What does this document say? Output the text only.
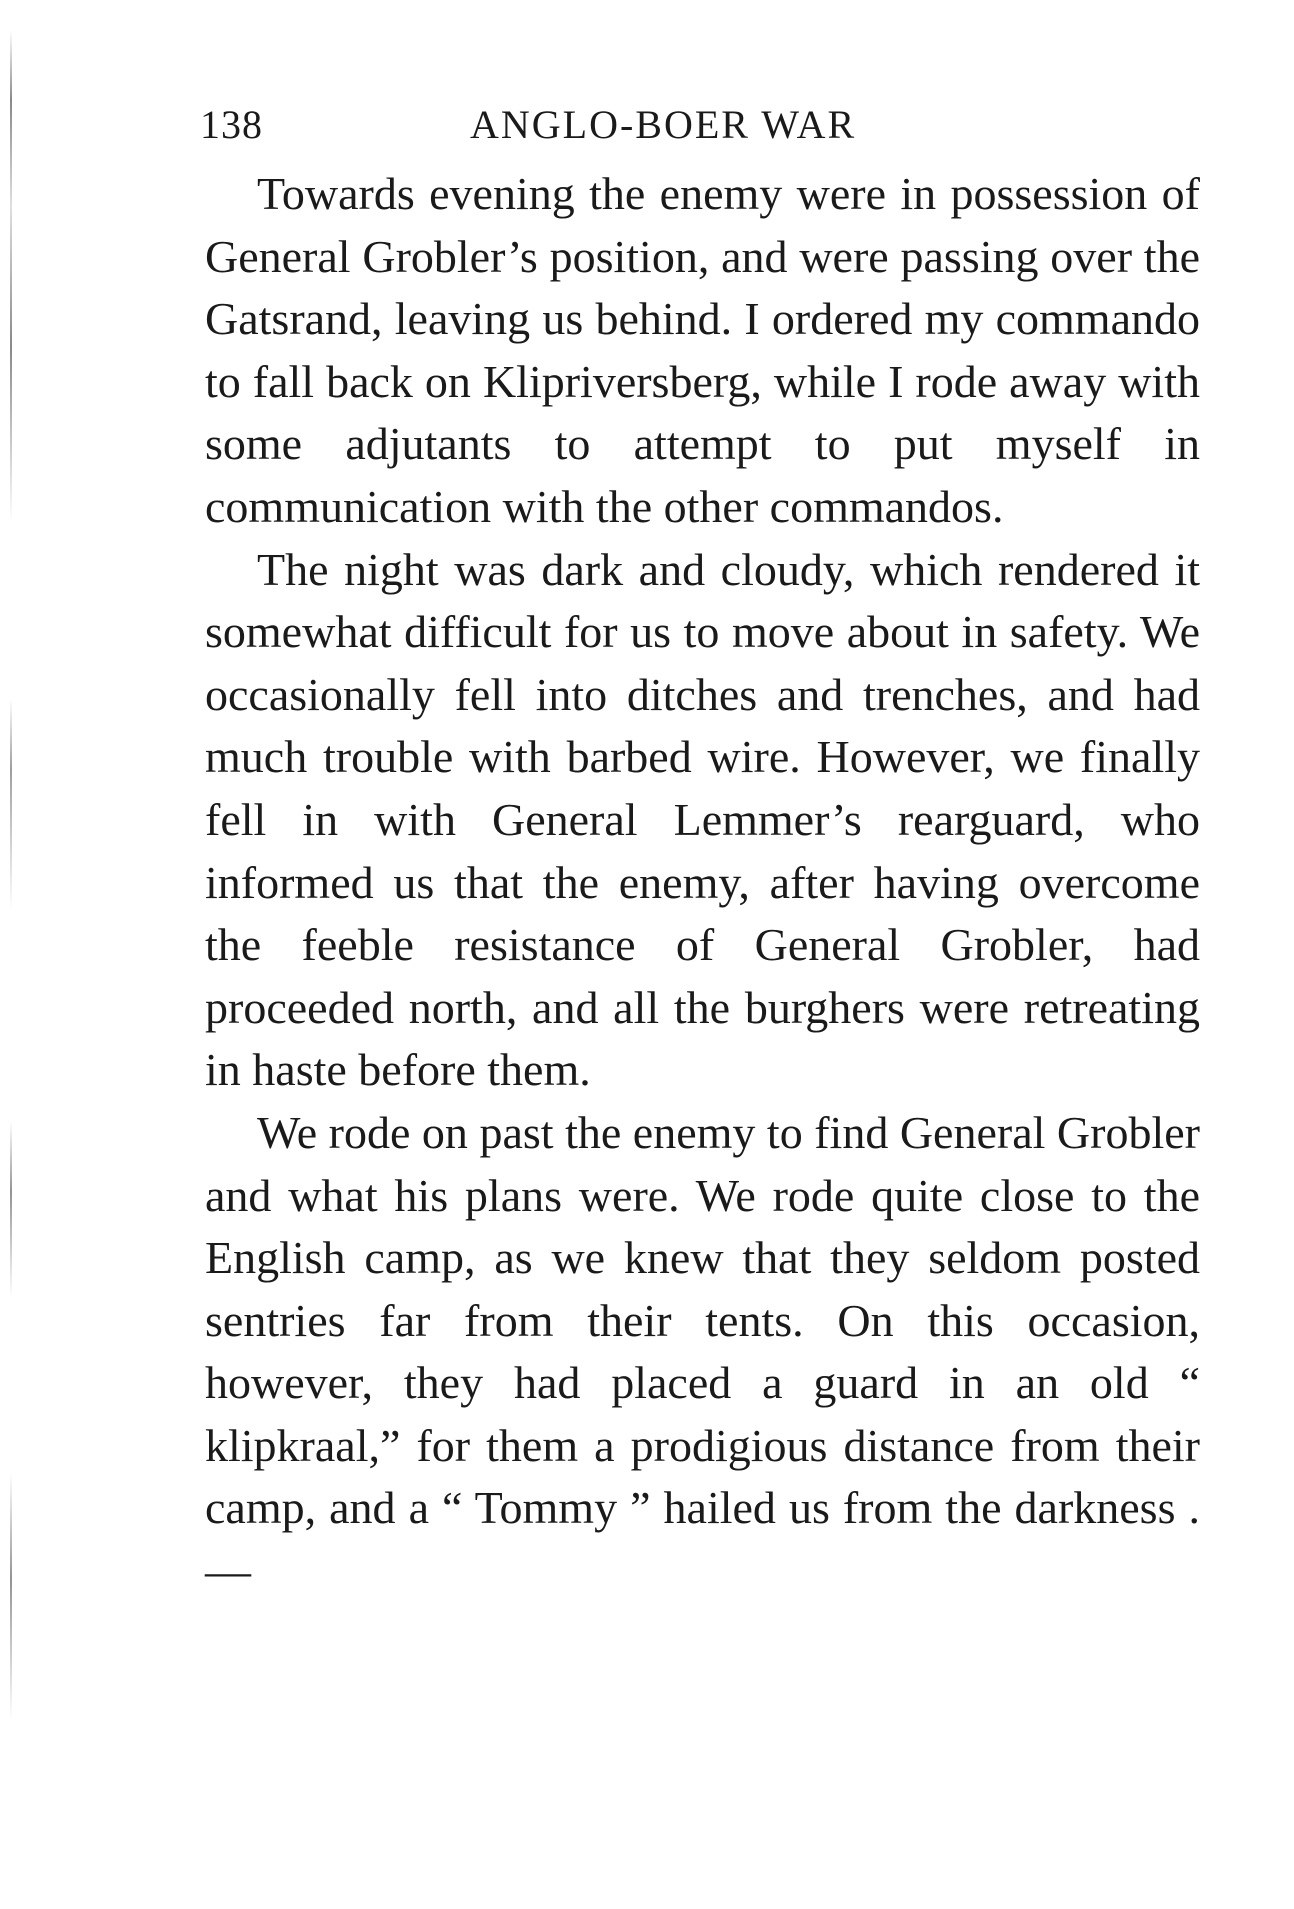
138	ANGLO-BOER WAR

Towards evening the enemy were in possession of General Grobler’s position, and were passing over the Gatsrand, leaving us behind. I ordered my commando to fall back on Klipriversberg, while I rode away with some adjutants to attempt to put myself in communication with the other commandos.

The night was dark and cloudy, which rendered it somewhat difficult for us to move about in safety. We occasionally fell into ditches and trenches, and had much trouble with barbed wire. However, we finally fell in with General Lemmer’s rearguard, who informed us that the enemy, after having overcome the feeble resistance of General Grobler, had proceeded north, and all the burghers were retreating in haste before them.

We rode on past the enemy to find General Grobler and what his plans were. We rode quite close to the English camp, as we knew that they seldom posted sentries far from their tents. On this occasion, however, they had placed a guard in an old “ klipkraal,” for them a prodigious distance from their camp, and a “ Tommy ” hailed us from the darkness .—
